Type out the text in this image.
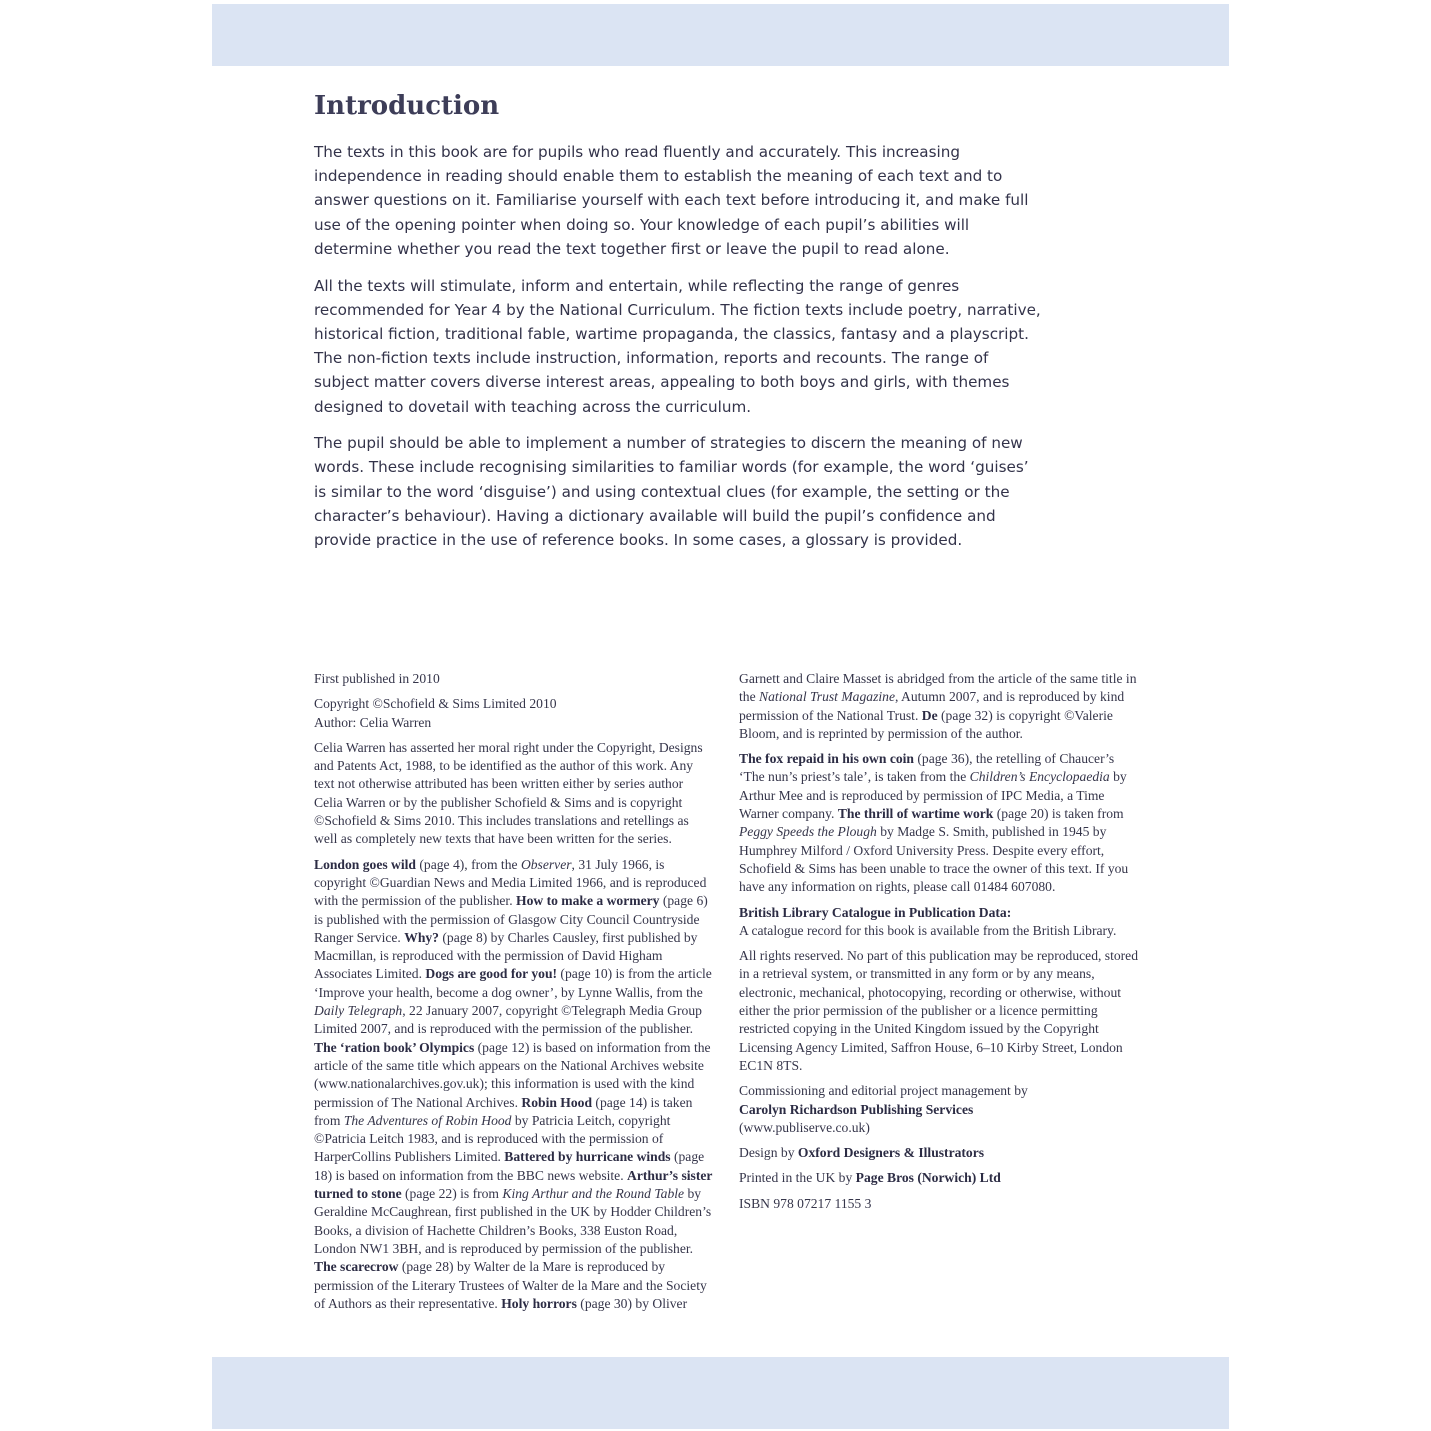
Introduction

The texts in this book are for pupils who read fluently and accurately. This increasing independence in reading should enable them to establish the meaning of each text and to answer questions on it. Familiarise yourself with each text before introducing it, and make full use of the opening pointer when doing so. Your knowledge of each pupil’s abilities will determine whether you read the text together first or leave the pupil to read alone.

All the texts will stimulate, inform and entertain, while reflecting the range of genres recommended for Year 4 by the National Curriculum. The fiction texts include poetry, narrative, historical fiction, traditional fable, wartime propaganda, the classics, fantasy and a playscript. The non-fiction texts include instruction, information, reports and recounts. The range of subject matter covers diverse interest areas, appealing to both boys and girls, with themes designed to dovetail with teaching across the curriculum.

The pupil should be able to implement a number of strategies to discern the meaning of new words. These include recognising similarities to familiar words (for example, the word ‘guises’ is similar to the word ‘disguise’) and using contextual clues (for example, the setting or the character’s behaviour). Having a dictionary available will build the pupil’s confidence and provide practice in the use of reference books. In some cases, a glossary is provided.

First published in 2010

Copyright ©Schofield & Sims Limited 2010
Author: Celia Warren

Celia Warren has asserted her moral right under the Copyright, Designs and Patents Act, 1988, to be identified as the author of this work. Any text not otherwise attributed has been written either by series author Celia Warren or by the publisher Schofield & Sims and is copyright ©Schofield & Sims 2010. This includes translations and retellings as well as completely new texts that have been written for the series.

London goes wild (page 4), from the Observer, 31 July 1966, is copyright ©Guardian News and Media Limited 1966, and is reproduced with the permission of the publisher. How to make a wormery (page 6) is published with the permission of Glasgow City Council Countryside Ranger Service. Why? (page 8) by Charles Causley, first published by Macmillan, is reproduced with the permission of David Higham Associates Limited. Dogs are good for you! (page 10) is from the article ‘Improve your health, become a dog owner’, by Lynne Wallis, from the Daily Telegraph, 22 January 2007, copyright ©Telegraph Media Group Limited 2007, and is reproduced with the permission of the publisher. The ‘ration book’ Olympics (page 12) is based on information from the article of the same title which appears on the National Archives website (www.nationalarchives.gov.uk); this information is used with the kind permission of The National Archives. Robin Hood (page 14) is taken from The Adventures of Robin Hood by Patricia Leitch, copyright ©Patricia Leitch 1983, and is reproduced with the permission of HarperCollins Publishers Limited. Battered by hurricane winds (page 18) is based on information from the BBC news website. Arthur’s sister turned to stone (page 22) is from King Arthur and the Round Table by Geraldine McCaughrean, first published in the UK by Hodder Children’s Books, a division of Hachette Children’s Books, 338 Euston Road, London NW1 3BH, and is reproduced by permission of the publisher. The scarecrow (page 28) by Walter de la Mare is reproduced by permission of the Literary Trustees of Walter de la Mare and the Society of Authors as their representative. Holy horrors (page 30) by Oliver

Garnett and Claire Masset is abridged from the article of the same title in the National Trust Magazine, Autumn 2007, and is reproduced by kind permission of the National Trust. De (page 32) is copyright ©Valerie Bloom, and is reprinted by permission of the author.

The fox repaid in his own coin (page 36), the retelling of Chaucer’s ‘The nun’s priest’s tale’, is taken from the Children’s Encyclopaedia by Arthur Mee and is reproduced by permission of IPC Media, a Time Warner company. The thrill of wartime work (page 20) is taken from Peggy Speeds the Plough by Madge S. Smith, published in 1945 by Humphrey Milford / Oxford University Press. Despite every effort, Schofield & Sims has been unable to trace the owner of this text. If you have any information on rights, please call 01484 607080.

British Library Catalogue in Publication Data:
A catalogue record for this book is available from the British Library.

All rights reserved. No part of this publication may be reproduced, stored in a retrieval system, or transmitted in any form or by any means, electronic, mechanical, photocopying, recording or otherwise, without either the prior permission of the publisher or a licence permitting restricted copying in the United Kingdom issued by the Copyright Licensing Agency Limited, Saffron House, 6–10 Kirby Street, London EC1N 8TS.

Commissioning and editorial project management by
Carolyn Richardson Publishing Services
(www.publiserve.co.uk)

Design by Oxford Designers & Illustrators

Printed in the UK by Page Bros (Norwich) Ltd

ISBN 978 07217 1155 3
